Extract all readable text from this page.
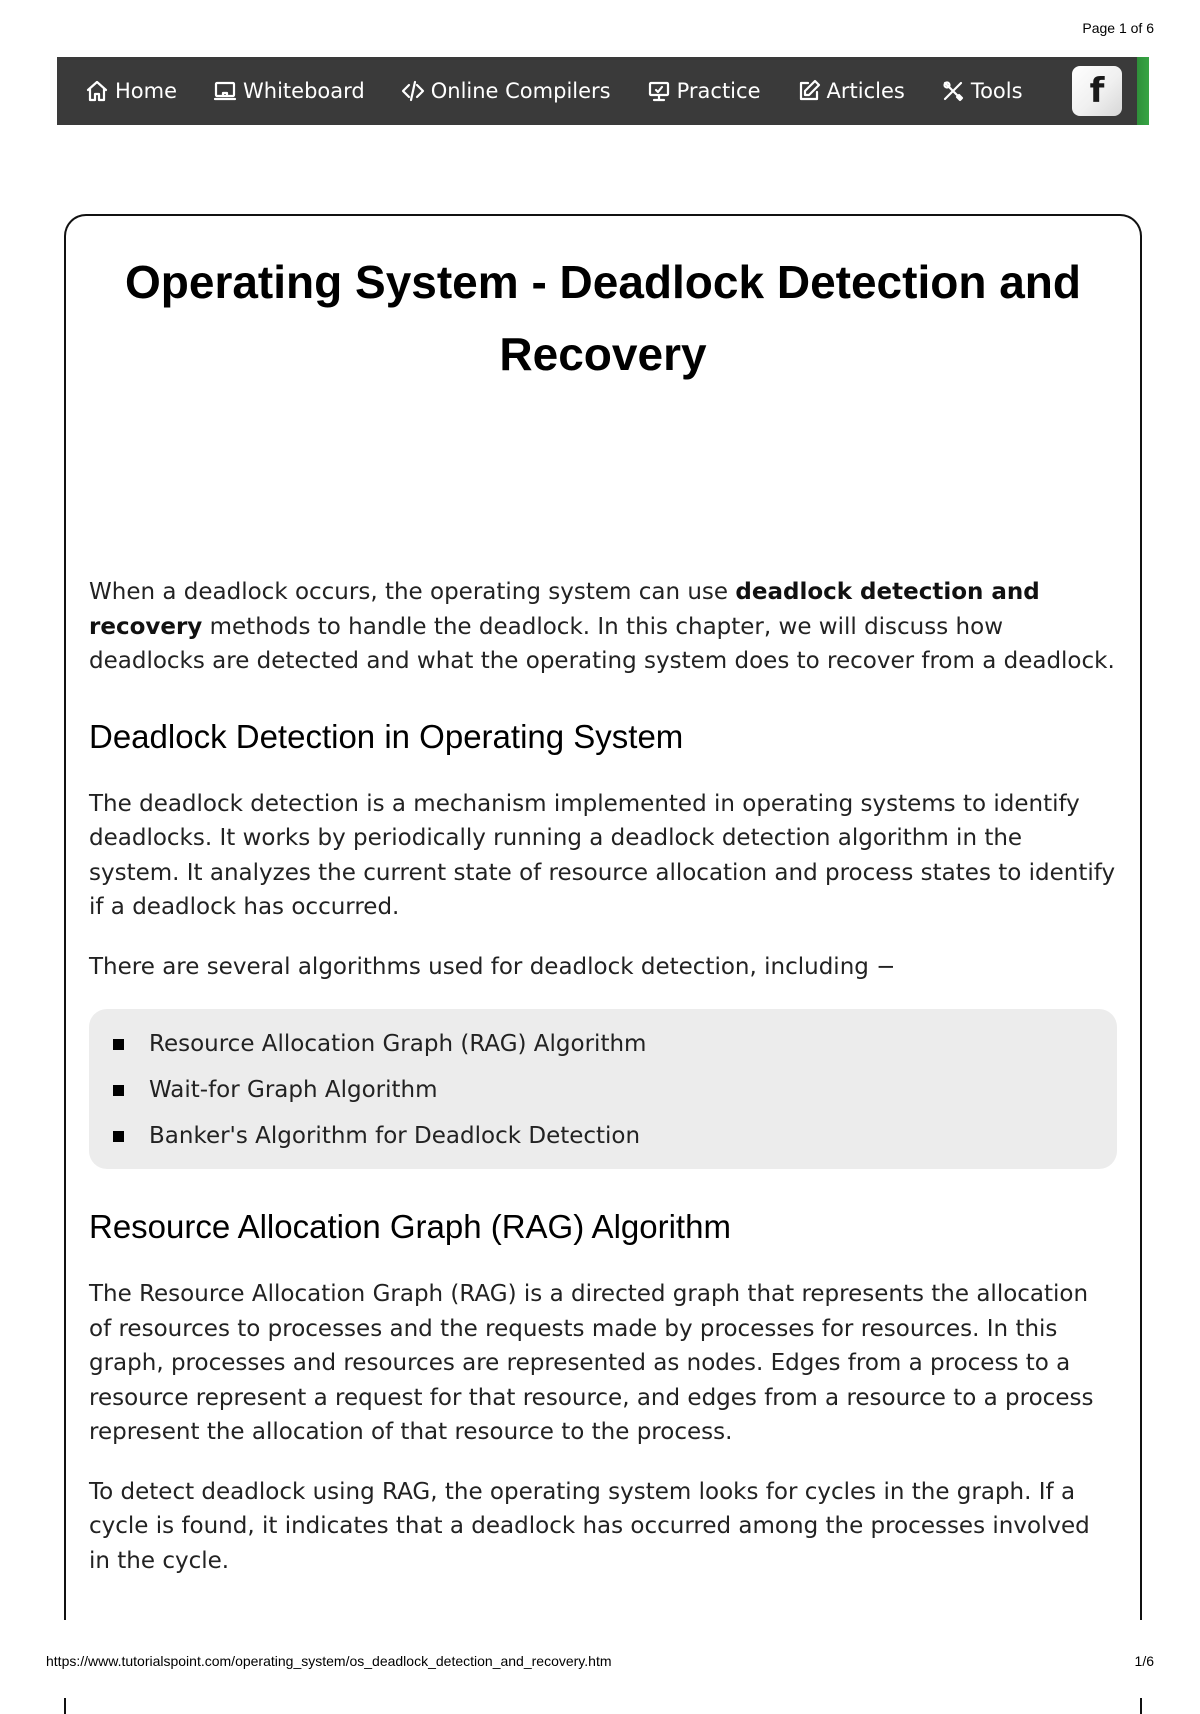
Page 1 of 6
Home	Whiteboard	Online Compilers	Practice	Articles	Tools f
Operating System - Deadlock Detection and Recovery

When a deadlock occurs, the operating system can use deadlock detection and recovery methods to handle the deadlock. In this chapter, we will discuss how deadlocks are detected and what the operating system does to recover from a deadlock.

Deadlock Detection in Operating System

The deadlock detection is a mechanism implemented in operating systems to identify deadlocks. It works by periodically running a deadlock detection algorithm in the system. It analyzes the current state of resource allocation and process states to identify if a deadlock has occurred.

There are several algorithms used for deadlock detection, including −

Resource Allocation Graph (RAG) Algorithm
Wait-for Graph Algorithm
Banker's Algorithm for Deadlock Detection
Resource Allocation Graph (RAG) Algorithm

The Resource Allocation Graph (RAG) is a directed graph that represents the allocation of resources to processes and the requests made by processes for resources. In this graph, processes and resources are represented as nodes. Edges from a process to a resource represent a request for that resource, and edges from a resource to a process represent the allocation of that resource to the process.

To detect deadlock using RAG, the operating system looks for cycles in the graph. If a cycle is found, it indicates that a deadlock has occurred among the processes involved in the cycle.

https://www.tutorialspoint.com/operating_system/os_deadlock_detection_and_recovery.htm	1/6
